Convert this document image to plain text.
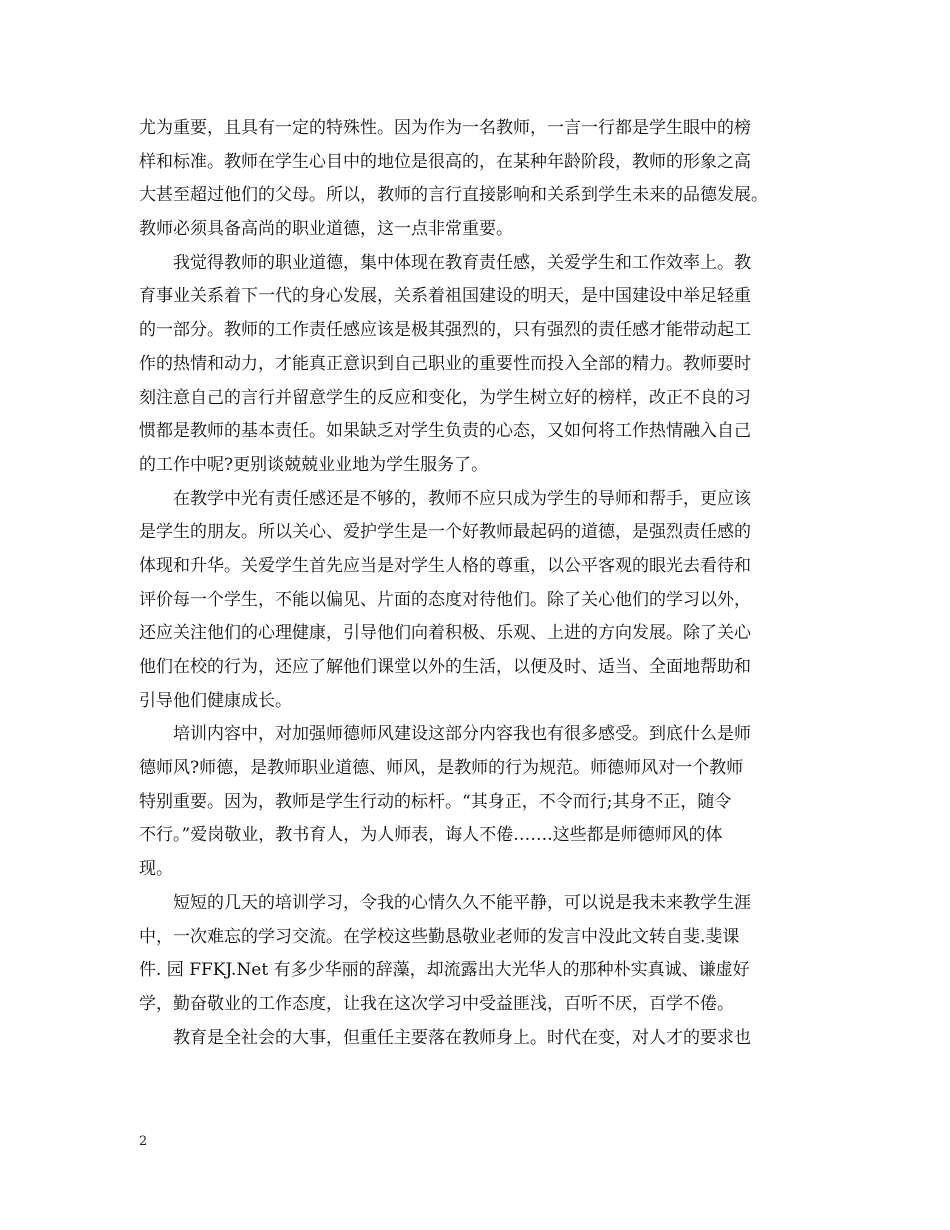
尤为重要，且具有一定的特殊性。因为作为一名教师，一言一行都是学生眼中的榜
样和标准。教师在学生心目中的地位是很高的，在某种年龄阶段，教师的形象之高
大甚至超过他们的父母。所以，教师的言行直接影响和关系到学生未来的品德发展。
教师必须具备高尚的职业道德，这一点非常重要。
　　我觉得教师的职业道德，集中体现在教育责任感，关爱学生和工作效率上。教
育事业关系着下一代的身心发展，关系着祖国建设的明天，是中国建设中举足轻重
的一部分。教师的工作责任感应该是极其强烈的，只有强烈的责任感才能带动起工
作的热情和动力，才能真正意识到自己职业的重要性而投入全部的精力。教师要时
刻注意自己的言行并留意学生的反应和变化，为学生树立好的榜样，改正不良的习
惯都是教师的基本责任。如果缺乏对学生负责的心态，又如何将工作热情融入自己
的工作中呢?更别谈兢兢业业地为学生服务了。
　　在教学中光有责任感还是不够的，教师不应只成为学生的导师和帮手，更应该
是学生的朋友。所以关心、爱护学生是一个好教师最起码的道德，是强烈责任感的
体现和升华。关爱学生首先应当是对学生人格的尊重，以公平客观的眼光去看待和
评价每一个学生，不能以偏见、片面的态度对待他们。除了关心他们的学习以外，
还应关注他们的心理健康，引导他们向着积极、乐观、上进的方向发展。除了关心
他们在校的行为，还应了解他们课堂以外的生活，以便及时、适当、全面地帮助和
引导他们健康成长。
　　培训内容中，对加强师德师风建设这部分内容我也有很多感受。到底什么是师
德师风?师德，是教师职业道德、师风，是教师的行为规范。师德师风对一个教师
特别重要。因为，教师是学生行动的标杆。“其身正，不令而行;其身不正，随令
不行。”爱岗敬业，教书育人，为人师表，诲人不倦…….这些都是师德师风的体
现。
　　短短的几天的培训学习，令我的心情久久不能平静，可以说是我未来教学生涯
中，一次难忘的学习交流。在学校这些勤恳敬业老师的发言中没此文转自斐.斐课
件. 园 FFKJ.Net 有多少华丽的辞藻，却流露出大光华人的那种朴实真诚、谦虚好
学，勤奋敬业的工作态度，让我在这次学习中受益匪浅，百听不厌，百学不倦。
　　教育是全社会的大事，但重任主要落在教师身上。时代在变，对人才的要求也
2
